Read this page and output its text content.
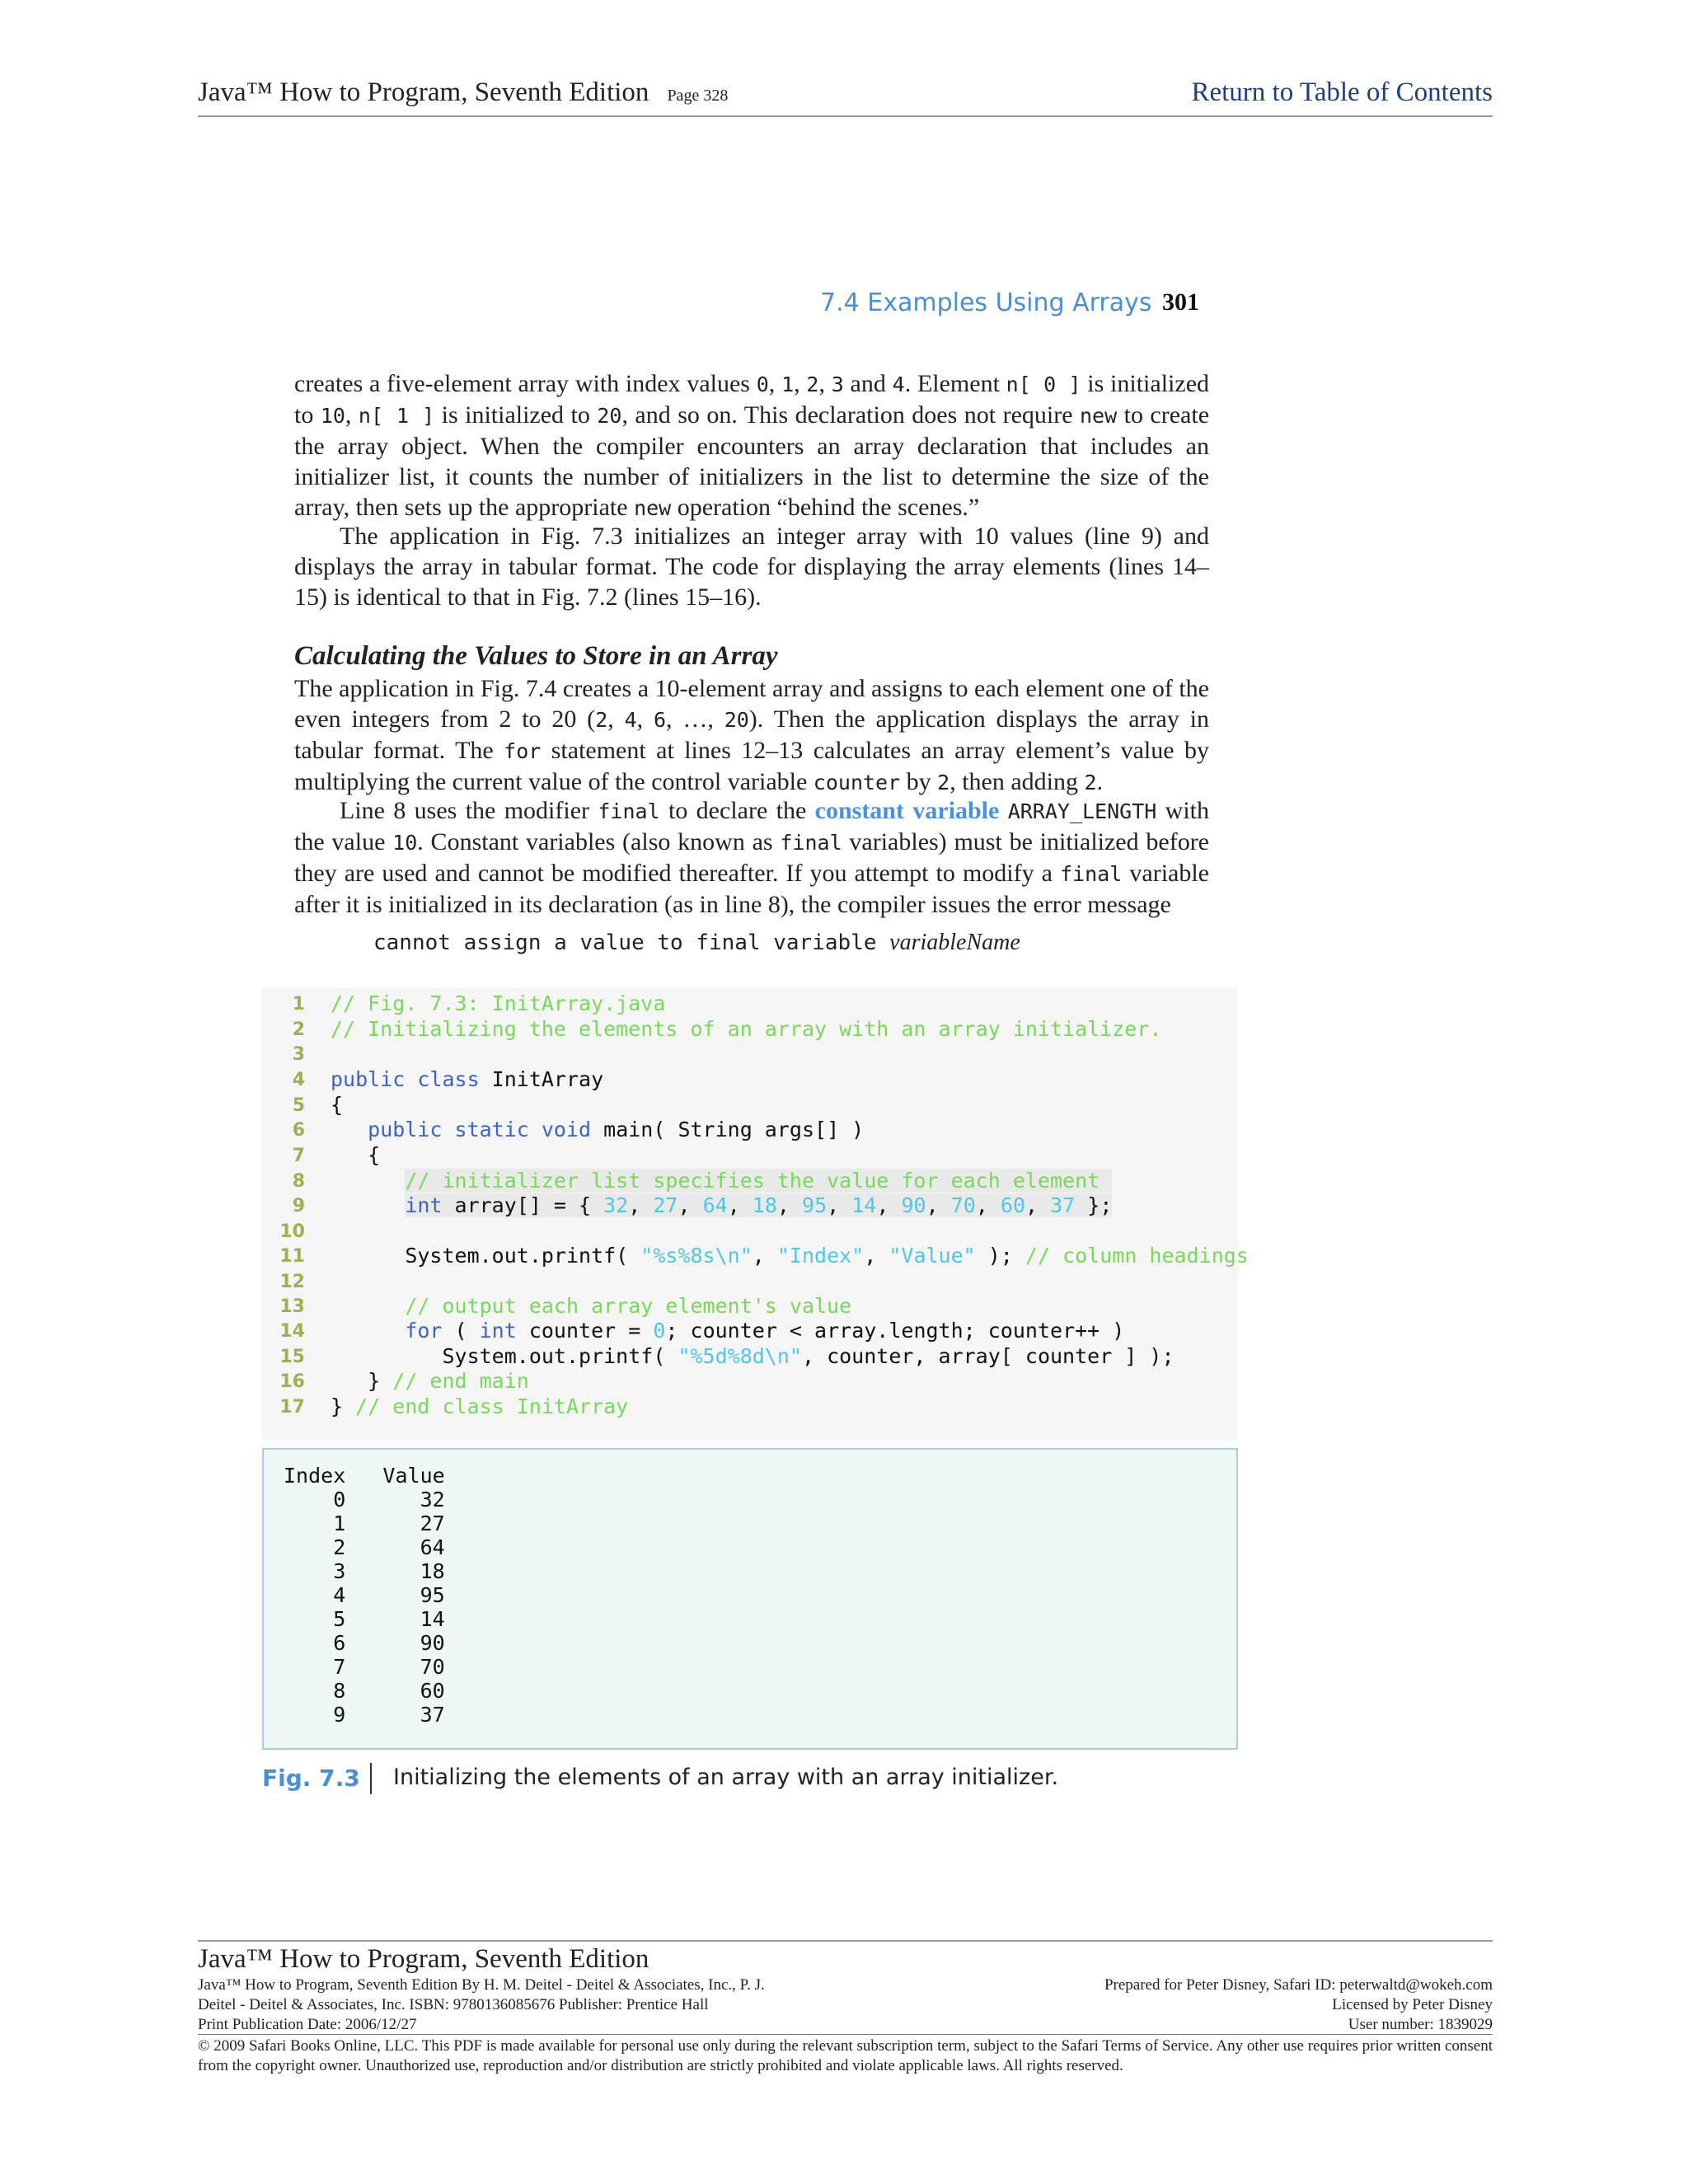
Java™ How to Program, Seventh Edition Page 328	Return to Table of Contents
7.4 Examples Using Arrays 301
creates a five-element array with index values 0, 1, 2, 3 and 4. Element n[ 0 ] is initialized to 10, n[ 1 ] is initialized to 20, and so on. This declaration does not require new to create the array object. When the compiler encounters an array declaration that includes an initializer list, it counts the number of initializers in the list to determine the size of the array, then sets up the appropriate new operation “behind the scenes.”
The application in Fig. 7.3 initializes an integer array with 10 values (line 9) and displays the array in tabular format. The code for displaying the array elements (lines 14–15) is identical to that in Fig. 7.2 (lines 15–16).
Calculating the Values to Store in an Array
The application in Fig. 7.4 creates a 10-element array and assigns to each element one of the even integers from 2 to 20 (2, 4, 6, …, 20). Then the application displays the array in tabular format. The for statement at lines 12–13 calculates an array element’s value by multiplying the current value of the control variable counter by 2, then adding 2.
Line 8 uses the modifier final to declare the constant variable ARRAY_LENGTH with the value 10. Constant variables (also known as final variables) must be initialized before they are used and cannot be modified thereafter. If you attempt to modify a final variable after it is initialized in its declaration (as in line 8), the compiler issues the error message
cannot assign a value to final variable variableName
1
2
3
4
5
6
7
8
9
10
11
12
13
14
15
16
17
// Fig. 7.3: InitArray.java
// Initializing the elements of an array with an array initializer.
public class InitArray
{
public static void main( String args[] )
{
// initializer list specifies the value for each element
int array[] = { 32, 27, 64, 18, 95, 14, 90, 70, 60, 37 };
System.out.printf( "%s%8s\n", "Index", "Value" ); // column headings
// output each array element's value
for ( int counter = 0; counter < array.length; counter++ )
System.out.printf( "%5d%8d\n", counter, array[ counter ] );
} // end main
} // end class InitArray
Index   Value
0      32
1      27
2      64
3      18
4      95
5      14
6      90
7      70
8      60
9      37
Fig. 7.3 Initializing the elements of an array with an array initializer.
Java™ How to Program, Seventh Edition
Java™ How to Program, Seventh Edition By H. M. Deitel - Deitel & Associates, Inc., P. J.
Deitel - Deitel & Associates, Inc. ISBN: 9780136085676 Publisher: Prentice Hall
Print Publication Date: 2006/12/27
Prepared for Peter Disney, Safari ID: peterwaltd@wokeh.com
Licensed by Peter Disney
User number: 1839029
© 2009 Safari Books Online, LLC. This PDF is made available for personal use only during the relevant subscription term, subject to the Safari Terms of Service. Any other use requires prior written consent from the copyright owner. Unauthorized use, reproduction and/or distribution are strictly prohibited and violate applicable laws. All rights reserved.
